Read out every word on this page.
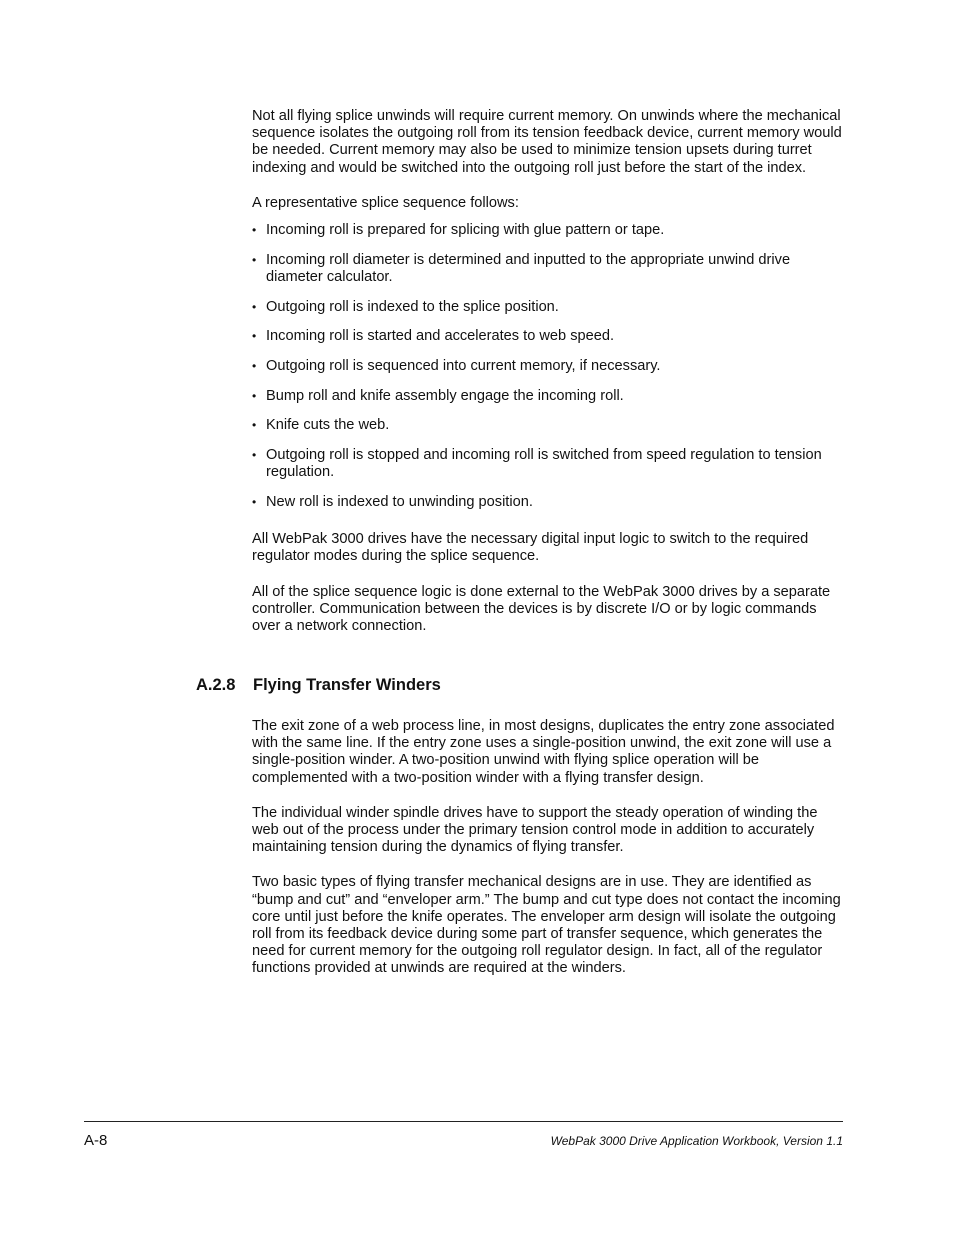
Not all flying splice unwinds will require current memory. On unwinds where the mechanical sequence isolates the outgoing roll from its tension feedback device, current memory would be needed. Current memory may also be used to minimize tension upsets during turret indexing and would be switched into the outgoing roll just before the start of the index.

A representative splice sequence follows:

• Incoming roll is prepared for splicing with glue pattern or tape.
• Incoming roll diameter is determined and inputted to the appropriate unwind drive diameter calculator.
• Outgoing roll is indexed to the splice position.
• Incoming roll is started and accelerates to web speed.
• Outgoing roll is sequenced into current memory, if necessary.
• Bump roll and knife assembly engage the incoming roll.
• Knife cuts the web.
• Outgoing roll is stopped and incoming roll is switched from speed regulation to tension regulation.
• New roll is indexed to unwinding position.

All WebPak 3000 drives have the necessary digital input logic to switch to the required regulator modes during the splice sequence.

All of the splice sequence logic is done external to the WebPak 3000 drives by a separate controller. Communication between the devices is by discrete I/O or by logic commands over a network connection.

A.2.8 Flying Transfer Winders

The exit zone of a web process line, in most designs, duplicates the entry zone associated with the same line. If the entry zone uses a single-position unwind, the exit zone will use a single-position winder. A two-position unwind with flying splice operation will be complemented with a two-position winder with a flying transfer design.

The individual winder spindle drives have to support the steady operation of winding the web out of the process under the primary tension control mode in addition to accurately maintaining tension during the dynamics of flying transfer.

Two basic types of flying transfer mechanical designs are in use. They are identified as “bump and cut” and “enveloper arm.” The bump and cut type does not contact the incoming core until just before the knife operates. The enveloper arm design will isolate the outgoing roll from its feedback device during some part of transfer sequence, which generates the need for current memory for the outgoing roll regulator design. In fact, all of the regulator functions provided at unwinds are required at the winders.

A-8	WebPak 3000 Drive Application Workbook, Version 1.1
